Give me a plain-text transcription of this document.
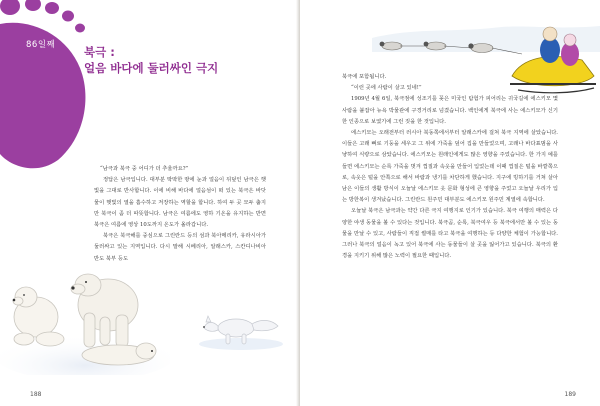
86일째	북극 :
얼음 바다에 둘러싸인 극지

“남극과 북극 중 어디가 더 추울까요?”

정답은 남극입니다. 대부분 딱딱한 땅에 눈과 얼음이 뒤덮인 남극은 햇빛을 그대로 반사합니다. 이에 비해 바다에 얼음섬이 떠 있는 북극은 바닷물이 햇빛의 열을 흡수하고 저장하는 역할을 합니다. 하여 두 곳 모두 춥지만 북극이 좀 더 따뜻합니다. 남극은 여름에도 영하 기온을 유지하는 반면 북극은 여름에 영상 10도까지 온도가 올라갑니다.

북극은 북극해를 중심으로 그린란드 등의 섬과 북아메리카, 유라시아가 둘러싸고 있는 지역입니다. 다시 말해 시베리아, 알래스카, 스칸디나비아 반도 북부 등도

188

북극에 포함됩니다.

“이런 곳에 사람이 살고 있네!”

1909년 4월 6일, 북극점에 성조기를 꽂은 미국인 탐험가 피어리는 귀국길에 에스키모 몇 사람을 붙잡아 뉴욕 박물관에 구경거리로 넘겼습니다. 백인에게 북극에 사는 에스키모가 신기한 인종으로 보였기에 그런 짓을 한 것입니다.

에스키모는 오래전부터 러시아 북동쪽에서부터 알래스카에 걸쳐 북극 지역에 살았습니다. 이들은 고래 뼈로 기둥을 세우고 그 위에 가죽을 덮어 집을 만들었으며, 고래나 바다표범을 사냥하여 식량으로 삼았습니다. 에스키모는 원래인에게도 많은 영향을 주었습니다. 한 가지 예를 들면 에스키모는 순록 가죽을 벗겨 껍질과 속옷을 만들어 입었는데 이때 껍질은 털을 바깥쪽으로, 속옷은 털을 안쪽으로 해서 바람과 냉기를 차단하게 했습니다. 지구에 빙하기를 거쳐 살아남은 이들의 생활 방식이 오늘날 에스키모 옷 문화 형성에 큰 영향을 주었고 오늘날 우리가 입는 방한복이 생겨났습니다. 그린란드 원주민 대부분도 에스키모 원주민 계열에 속합니다.

오늘날 북극은 남극과는 약간 다른 극지 여행지로 인기가 있습니다. 북극 여행의 매력은 다양한 야생 동물을 볼 수 있다는 것입니다. 북극곰, 순록, 북극여우 등 북극에서만 볼 수 있는 동물을 만날 수 있고, 사람들이 직접 썰매를 타고 북극을 여행하는 등 다양한 체험이 가능합니다. 그러나 북극의 얼음이 녹고 있어 북극에 사는 동물들이 살 곳을 잃어가고 있습니다. 북극의 환경을 지키기 위해 많은 노력이 필요한 때입니다.

189
